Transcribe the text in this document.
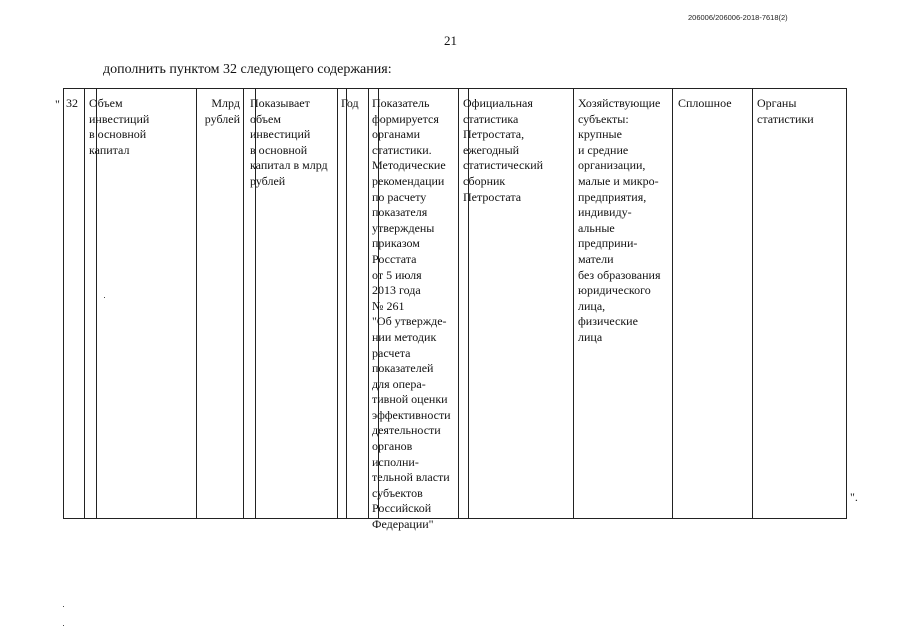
206006/206006-2018-7618(2)
21
дополнить пунктом 32 следующего содержания:
"
".
32 Объем
инвестиций
в основной
капитал
Млрд
рублей
Показывает
объем
инвестиций
в основной
капитал в млрд
рублей
Год Показатель
формируется
органами
статистики.
Методические
рекомендации
по расчету
показателя
утверждены
приказом
Росстата
от 5 июля
2013 года
№ 261
"Об утвержде-
нии методик
расчета
показателей
для опера-
тивной оценки
эффективности
деятельности
органов
исполни-
тельной власти
субъектов
Российской
Федерации"
Официальная
статистика
Петростата,
ежегодный
статистический
сборник
Петростата
Хозяйствующие
субъекты:
крупные
и средние
организации,
малые и микро-
предприятия,
индивиду-
альные
предприни-
матели
без образования
юридического
лица,
физические
лица
Сплошное Органы
статистики
